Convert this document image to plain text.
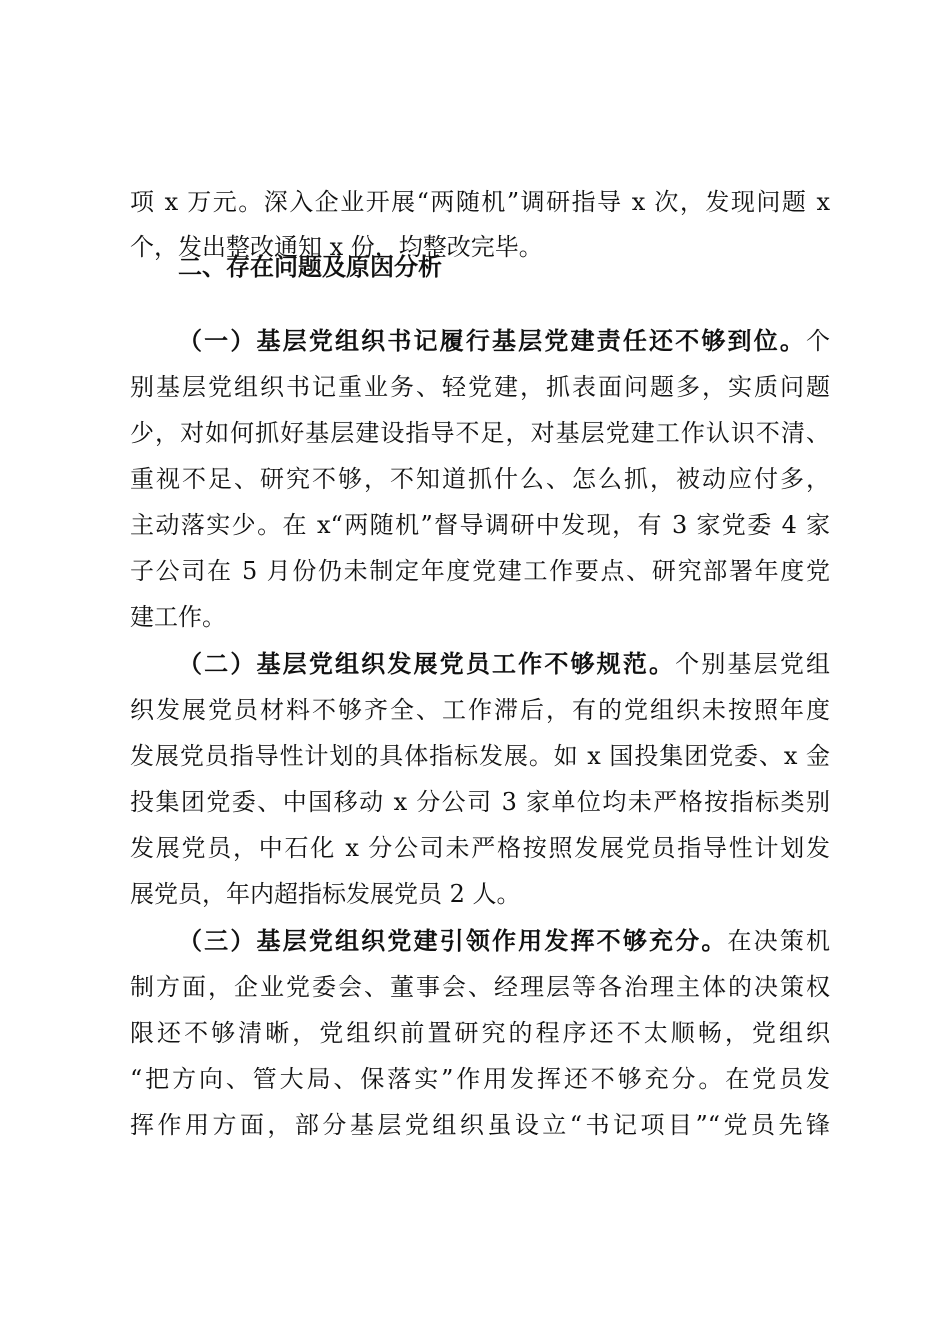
项 x 万元。深入企业开展“两随机”调研指导 x 次，发现问题 x
个，发出整改通知 x 份，均整改完毕。
二、存在问题及原因分析
（一）基层党组织书记履行基层党建责任还不够到位。个
别基层党组织书记重业务、轻党建，抓表面问题多，实质问题
少，对如何抓好基层建设指导不足，对基层党建工作认识不清、
重视不足、研究不够，不知道抓什么、怎么抓，被动应付多，
主动落实少。在 x“两随机”督导调研中发现，有 3 家党委 4 家
子公司在 5 月份仍未制定年度党建工作要点、研究部署年度党
建工作。
（二）基层党组织发展党员工作不够规范。个别基层党组
织发展党员材料不够齐全、工作滞后，有的党组织未按照年度
发展党员指导性计划的具体指标发展。如 x 国投集团党委、x 金
投集团党委、中国移动 x 分公司 3 家单位均未严格按指标类别
发展党员，中石化 x 分公司未严格按照发展党员指导性计划发
展党员，年内超指标发展党员 2 人。
（三）基层党组织党建引领作用发挥不够充分。在决策机
制方面，企业党委会、董事会、经理层等各治理主体的决策权
限还不够清晰，党组织前置研究的程序还不太顺畅，党组织
“把方向、管大局、保落实”作用发挥还不够充分。在党员发
挥作用方面，部分基层党组织虽设立“书记项目”“党员先锋
